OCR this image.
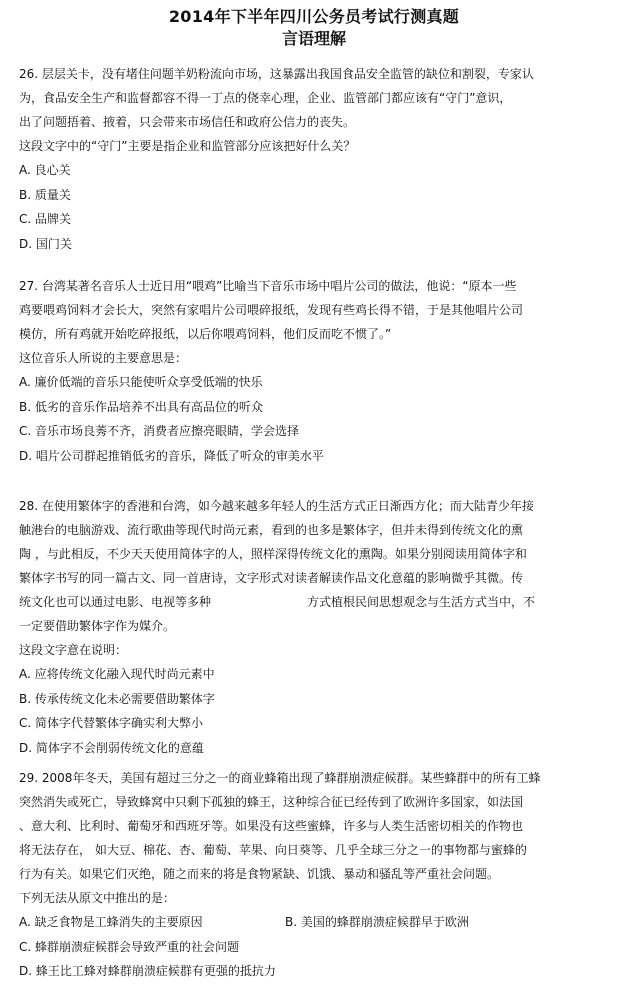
2014年下半年四川公务员考试行测真题
言语理解

26. 层层关卡，没有堵住问题羊奶粉流向市场，这暴露出我国食品安全监管的缺位和割裂，专家认

为，食品安全生产和监督都容不得一丁点的侥幸心理，企业、监管部门都应该有“守门”意识，

出了问题捂着、掖着，只会带来市场信任和政府公信力的丧失。

这段文字中的“守门”主要是指企业和监管部分应该把好什么关？

A. 良心关

B. 质量关

C. 品牌关

D. 国门关

27. 台湾某著名音乐人士近日用“喂鸡”比喻当下音乐市场中唱片公司的做法，他说：“原本一些

鸡要喂鸡饲料才会长大，突然有家唱片公司喂碎报纸，发现有些鸡长得不错，于是其他唱片公司

模仿，所有鸡就开始吃碎报纸，以后你喂鸡饲料，他们反而吃不惯了。”

这位音乐人所说的主要意思是：

A. 廉价低端的音乐只能使听众享受低端的快乐

B. 低劣的音乐作品培养不出具有高品位的听众

C. 音乐市场良莠不齐，消费者应擦亮眼睛，学会选择

D. 唱片公司群起推销低劣的音乐，降低了听众的审美水平

28. 在使用繁体字的香港和台湾，如今越来越多年轻人的生活方式正日渐西方化；而大陆青少年接

触港台的电脑游戏、流行歌曲等现代时尚元素，看到的也多是繁体字，但并未得到传统文化的熏

陶 ，与此相反，不少天天使用简体字的人，照样深得传统文化的熏陶。如果分别阅读用简体字和

繁体字书写的同一篇古文、同一首唐诗，文字形式对读者解读作品文化意蕴的影响微乎其微。传

统文化也可以通过电影、电视等多种	方式植根民间思想观念与生活方式当中，不

一定要借助繁体字作为媒介。

这段文字意在说明：

A. 应将传统文化融入现代时尚元素中

B. 传承传统文化未必需要借助繁体字

C. 简体字代替繁体字确实利大弊小

D. 简体字不会削弱传统文化的意蕴

29. 2008年冬天，美国有超过三分之一的商业蜂箱出现了蜂群崩溃症候群。某些蜂群中的所有工蜂

突然消失或死亡，导致蜂窝中只剩下孤独的蜂王，这种综合征已经传到了欧洲许多国家，如法国

、意大利、比利时、葡萄牙和西班牙等。如果没有这些蜜蜂，许多与人类生活密切相关的作物也

将无法存在， 如大豆、棉花、杏、葡萄、苹果、向日葵等、几乎全球三分之一的事物都与蜜蜂的

行为有关。如果它们灭绝，随之而来的将是食物紧缺、饥饿、暴动和骚乱等严重社会问题。

下列无法从原文中推出的是：

A. 缺乏食物是工蜂消失的主要原因	B. 美国的蜂群崩溃症候群早于欧洲

C. 蜂群崩溃症候群会导致严重的社会问题

D. 蜂王比工蜂对蜂群崩溃症候群有更强的抵抗力
